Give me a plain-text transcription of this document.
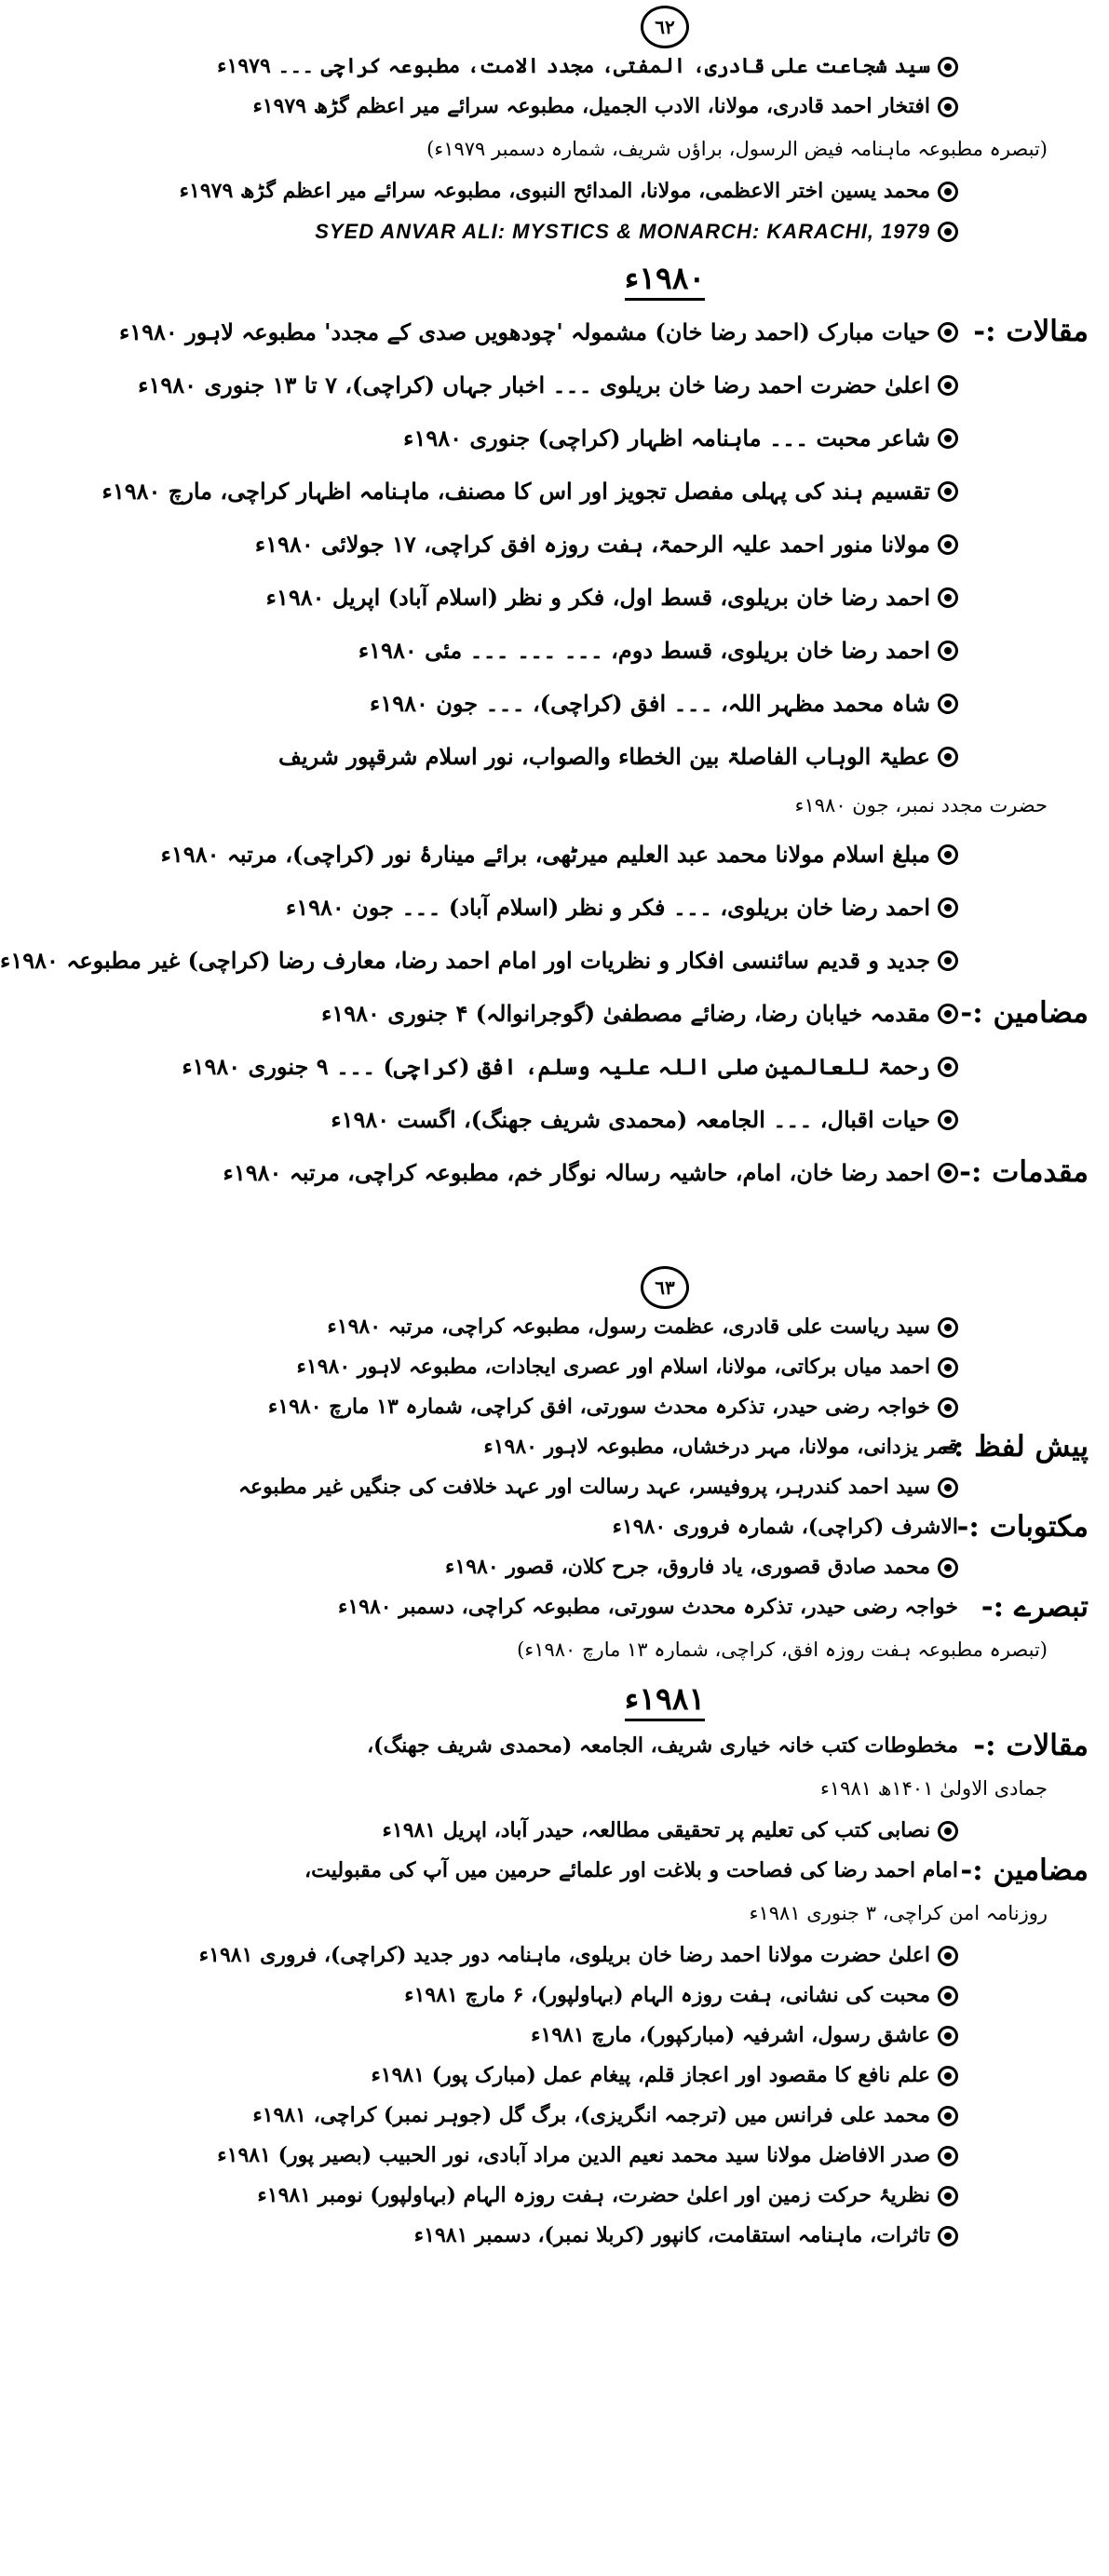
٦٢
سید شجاعت علی قادری، المفتی، مجدد الامت، مطبوعہ کراچی ۔۔۔ ۱۹۷۹ء
افتخار احمد قادری، مولانا، الادب الجمیل، مطبوعہ سرائے میر اعظم گڑھ ۱۹۷۹ء
(تبصرہ مطبوعہ ماہنامہ فیض الرسول، براؤں شریف، شمارہ دسمبر ۱۹۷۹ء)
محمد یسین اختر الاعظمی، مولانا، المدائح النبوی، مطبوعہ سرائے میر اعظم گڑھ ۱۹۷۹ء
SYED ANVAR ALI: MYSTICS & MONARCH: KARACHI, 1979
۱۹۸۰ء
مقالات :-
حیات مبارک (احمد رضا خان) مشمولہ 'چودھویں صدی کے مجدد' مطبوعہ لاہور ۱۹۸۰ء
اعلیٰ حضرت احمد رضا خان بریلوی ۔۔۔ اخبار جہاں (کراچی)، ۷ تا ۱۳ جنوری ۱۹۸۰ء
شاعر محبت ۔۔۔ ماہنامہ اظہار (کراچی) جنوری ۱۹۸۰ء
تقسیم ہند کی پہلی مفصل تجویز اور اس کا مصنف، ماہنامہ اظہار کراچی، مارچ ۱۹۸۰ء
مولانا منور احمد علیہ الرحمۃ، ہفت روزہ افق کراچی، ۱۷ جولائی ۱۹۸۰ء
احمد رضا خان بریلوی، قسط اول، فکر و نظر (اسلام آباد) اپریل ۱۹۸۰ء
احمد رضا خان بریلوی، قسط دوم، ۔۔۔ ۔۔۔ ۔۔۔ مئی ۱۹۸۰ء
شاہ محمد مظہر اللہ، ۔۔۔ افق (کراچی)، ۔۔۔ جون ۱۹۸۰ء
عطیۃ الوہاب الفاصلۃ بین الخطاء والصواب، نور اسلام شرقپور شریف
حضرت مجدد نمبر، جون ۱۹۸۰ء
مبلغ اسلام مولانا محمد عبد العلیم میرٹھی، برائے مینارۂ نور (کراچی)، مرتبہ ۱۹۸۰ء
احمد رضا خان بریلوی، ۔۔۔ فکر و نظر (اسلام آباد) ۔۔۔ جون ۱۹۸۰ء
جدید و قدیم سائنسی افکار و نظریات اور امام احمد رضا، معارف رضا (کراچی) غیر مطبوعہ ۱۹۸۰ء
مضامین :-
مقدمہ خیابان رضا، رضائے مصطفیٰ (گوجرانوالہ) ۴ جنوری ۱۹۸۰ء
رحمۃ للعالمین صلی اللہ علیہ وسلم، افق (کراچی) ۔۔۔ ۹ جنوری ۱۹۸۰ء
حیات اقبال، ۔۔۔ الجامعہ (محمدی شریف جھنگ)، اگست ۱۹۸۰ء
مقدمات :-
احمد رضا خان، امام، حاشیہ رسالہ نوگار خم، مطبوعہ کراچی، مرتبہ ۱۹۸۰ء
٦٣
سید ریاست علی قادری، عظمت رسول، مطبوعہ کراچی، مرتبہ ۱۹۸۰ء
احمد میاں برکاتی، مولانا، اسلام اور عصری ایجادات، مطبوعہ لاہور ۱۹۸۰ء
خواجہ رضی حیدر، تذکرہ محدث سورتی، افق کراچی، شمارہ ۱۳ مارچ ۱۹۸۰ء
پیش لفظ :-
قمر یزدانی، مولانا، مہر درخشاں، مطبوعہ لاہور ۱۹۸۰ء
سید احمد کندرہر، پروفیسر، عہد رسالت اور عہد خلافت کی جنگیں غیر مطبوعہ
مکتوبات :-
الاشرف (کراچی)، شمارہ فروری ۱۹۸۰ء
محمد صادق قصوری، یاد فاروق، جرح کلان، قصور ۱۹۸۰ء
تبصرے :-
خواجہ رضی حیدر، تذکرہ محدث سورتی، مطبوعہ کراچی، دسمبر ۱۹۸۰ء
(تبصرہ مطبوعہ ہفت روزہ افق، کراچی، شمارہ ۱۳ مارچ ۱۹۸۰ء)
۱۹۸۱ء
مقالات :-
مخطوطات کتب خانہ خیاری شریف، الجامعہ (محمدی شریف جھنگ)،
جمادی الاولیٰ ۱۴۰۱ھ ۱۹۸۱ء
نصابی کتب کی تعلیم پر تحقیقی مطالعہ، حیدر آباد، اپریل ۱۹۸۱ء
مضامین :-
امام احمد رضا کی فصاحت و بلاغت اور علمائے حرمین میں آپ کی مقبولیت،
روزنامہ امن کراچی، ۳ جنوری ۱۹۸۱ء
اعلیٰ حضرت مولانا احمد رضا خان بریلوی، ماہنامہ دور جدید (کراچی)، فروری ۱۹۸۱ء
محبت کی نشانی، ہفت روزہ الہام (بہاولپور)، ۶ مارچ ۱۹۸۱ء
عاشق رسول، اشرفیہ (مبارکپور)، مارچ ۱۹۸۱ء
علم نافع کا مقصود اور اعجاز قلم، پیغام عمل (مبارک پور) ۱۹۸۱ء
محمد علی فرانس میں (ترجمہ انگریزی)، برگ گل (جوہر نمبر) کراچی، ۱۹۸۱ء
صدر الافاضل مولانا سید محمد نعیم الدین مراد آبادی، نور الحبیب (بصیر پور) ۱۹۸۱ء
نظریۂ حرکت زمین اور اعلیٰ حضرت، ہفت روزہ الہام (بہاولپور) نومبر ۱۹۸۱ء
تاثرات، ماہنامہ استقامت، کانپور (کربلا نمبر)، دسمبر ۱۹۸۱ء
